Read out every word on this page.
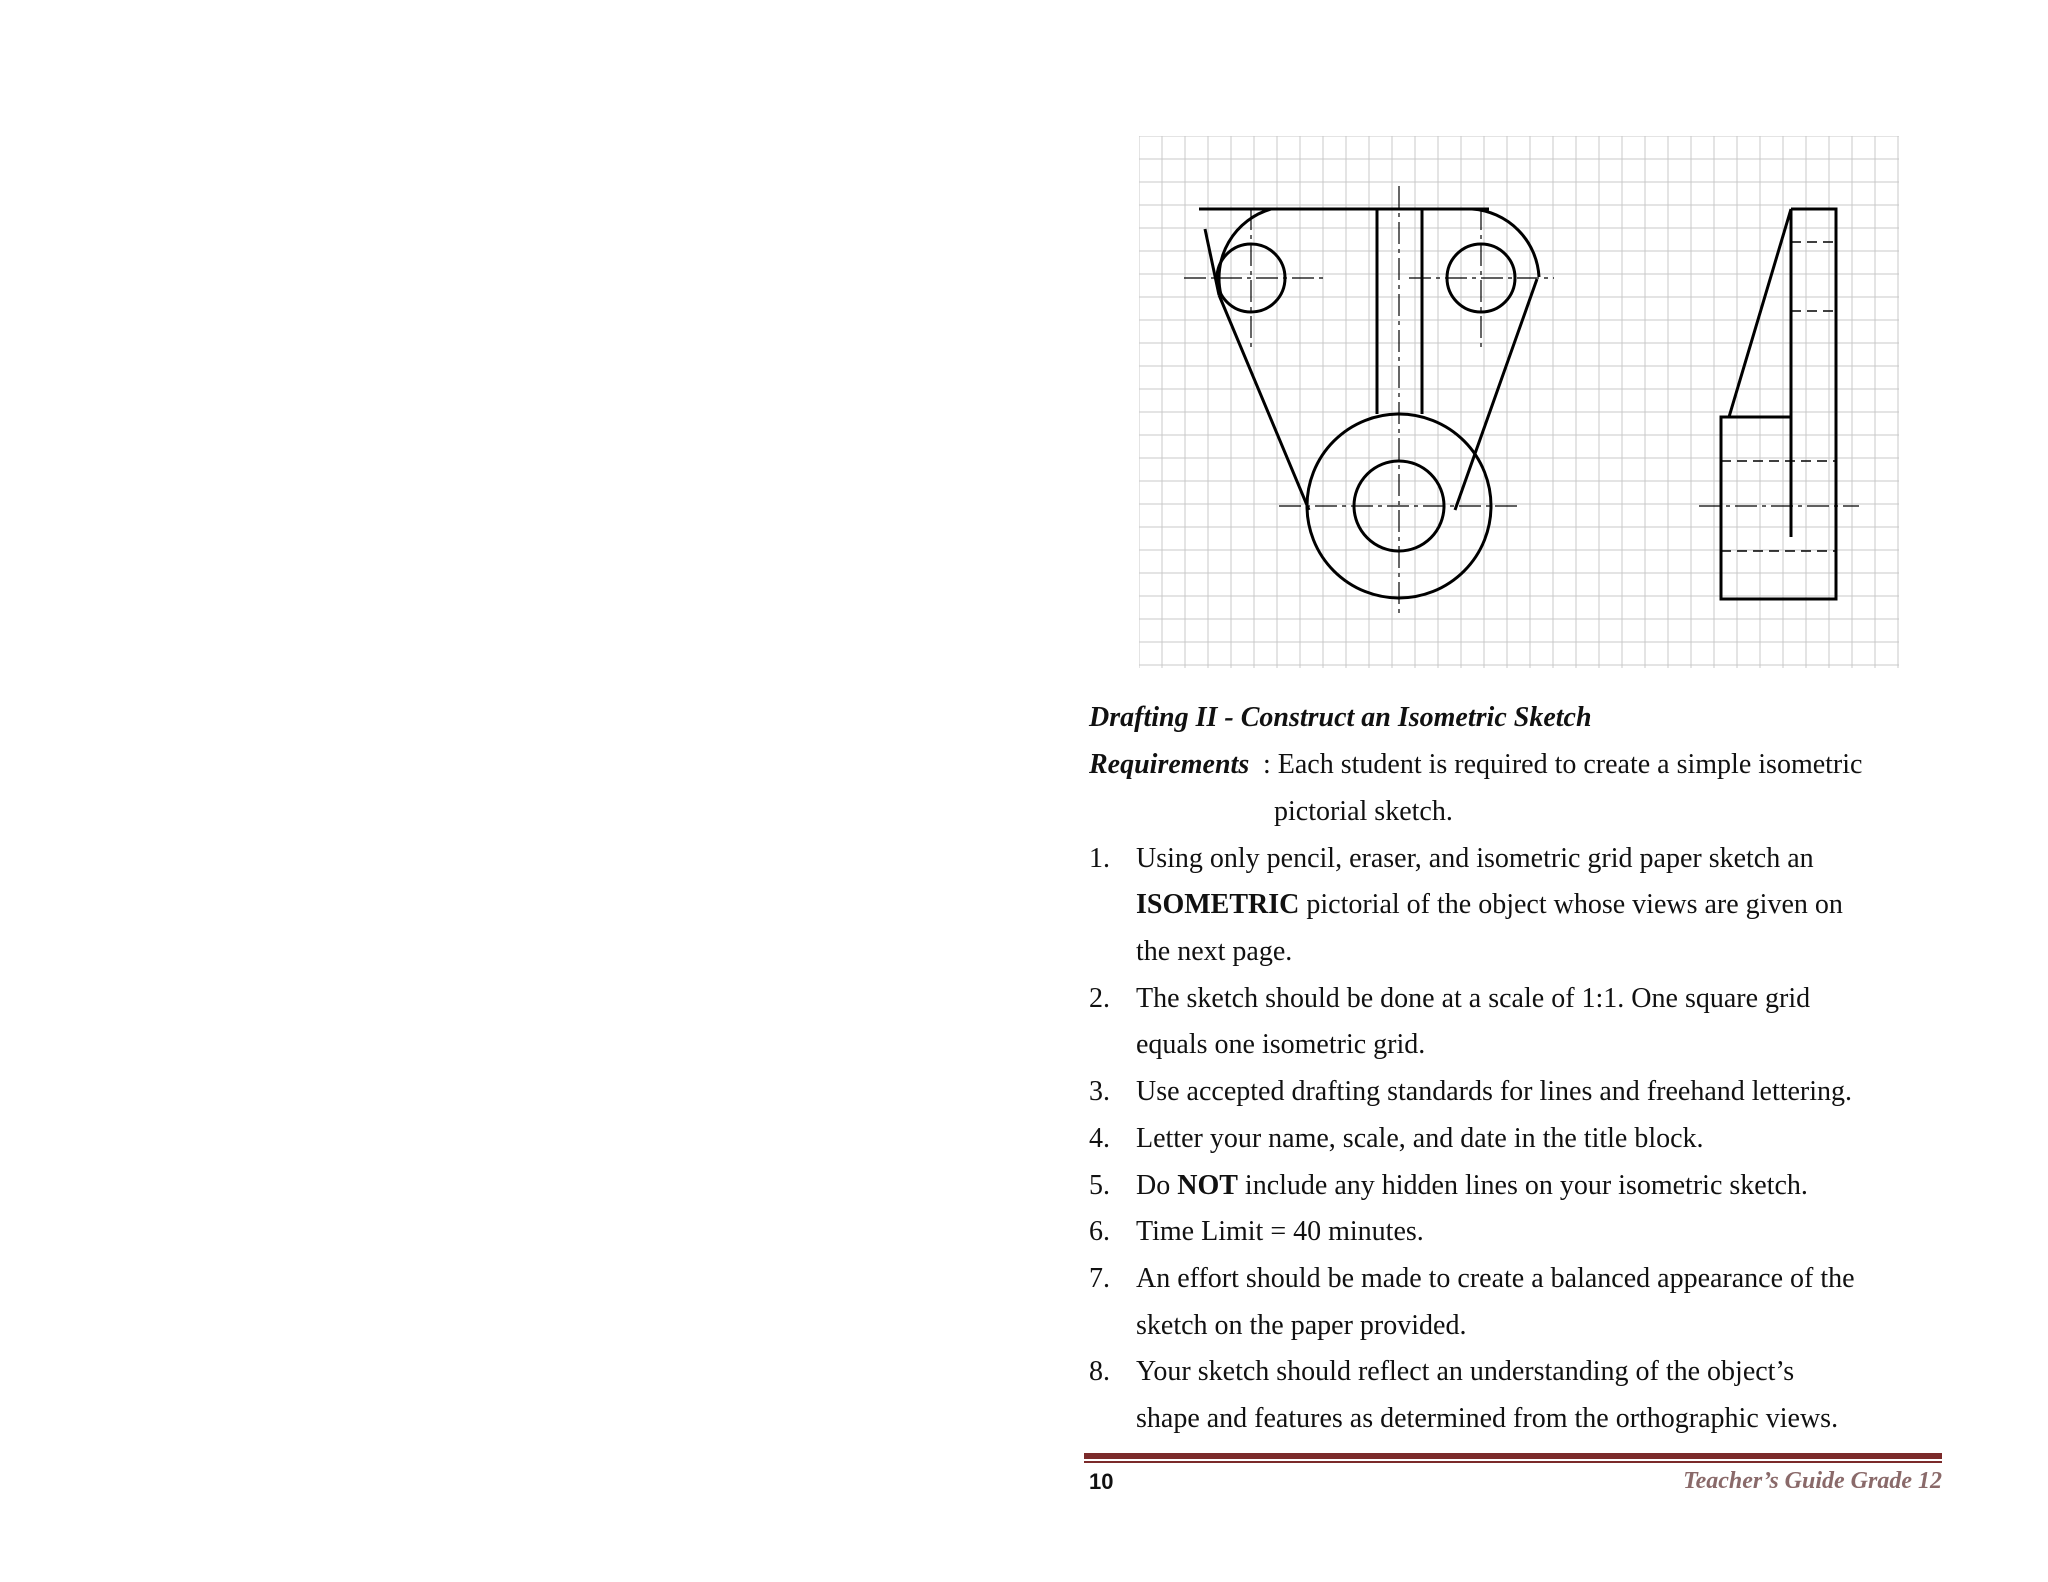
Drafting II - Construct an Isometric Sketch
Requirements : Each student is required to create a simple isometric
pictorial sketch.
1. Using only pencil, eraser, and isometric grid paper sketch an
ISOMETRIC pictorial of the object whose views are given on
the next page.
2. The sketch should be done at a scale of 1:1. One square grid
equals one isometric grid.
3. Use accepted drafting standards for lines and freehand lettering.
4. Letter your name, scale, and date in the title block.
5. Do NOT include any hidden lines on your isometric sketch.
6. Time Limit = 40 minutes.
7. An effort should be made to create a balanced appearance of the
sketch on the paper provided.
8. Your sketch should reflect an understanding of the object’s
shape and features as determined from the orthographic views.
10	Teacher’s Guide Grade 12
